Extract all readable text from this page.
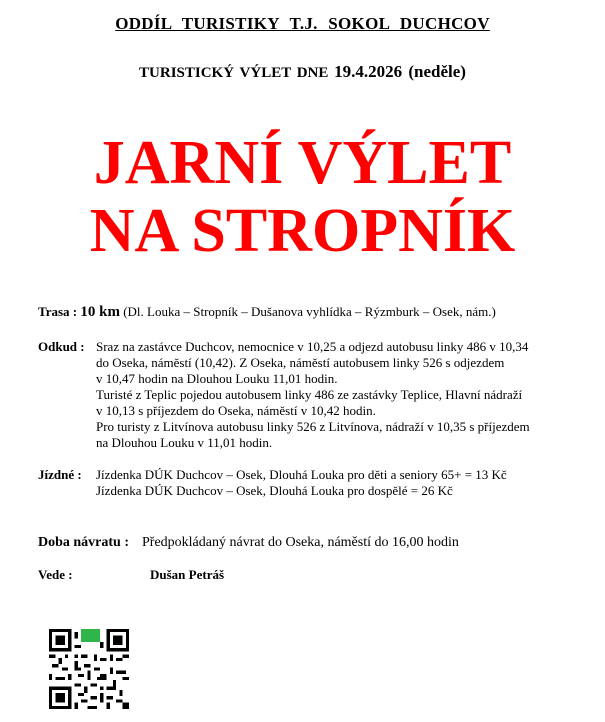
ODDÍL TURISTIKY T.J. SOKOL DUCHCOV
TURISTICKÝ VÝLET DNE 19.4.2026 (neděle)
JARNÍ VÝLET
NA STROPNÍK
Trasa : 10 km (Dl. Louka – Stropník – Dušanova vyhlídka – Rýzmburk – Osek, nám.)
Odkud : Sraz na zastávce Duchcov, nemocnice v 10,25 a odjezd autobusu linky 486 v 10,34
do Oseka, náměstí (10,42). Z Oseka, náměstí autobusem linky 526 s odjezdem
v 10,47 hodin na Dlouhou Louku 11,01 hodin.
Turisté z Teplic pojedou autobusem linky 486 ze zastávky Teplice, Hlavní nádraží
v 10,13 s příjezdem do Oseka, náměstí v 10,42 hodin.
Pro turisty z Litvínova autobusu linky 526 z Litvínova, nádraží v 10,35 s příjezdem
na Dlouhou Louku v 11,01 hodin.
Jízdné : Jízdenka DÚK Duchcov – Osek, Dlouhá Louka pro děti a seniory 65+ = 13 Kč
Jízdenka DÚK Duchcov – Osek, Dlouhá Louka pro dospělé = 26 Kč
Doba návratu : Předpokládaný návrat do Oseka, náměstí do 16,00 hodin
Vede :	Dušan Petráš
